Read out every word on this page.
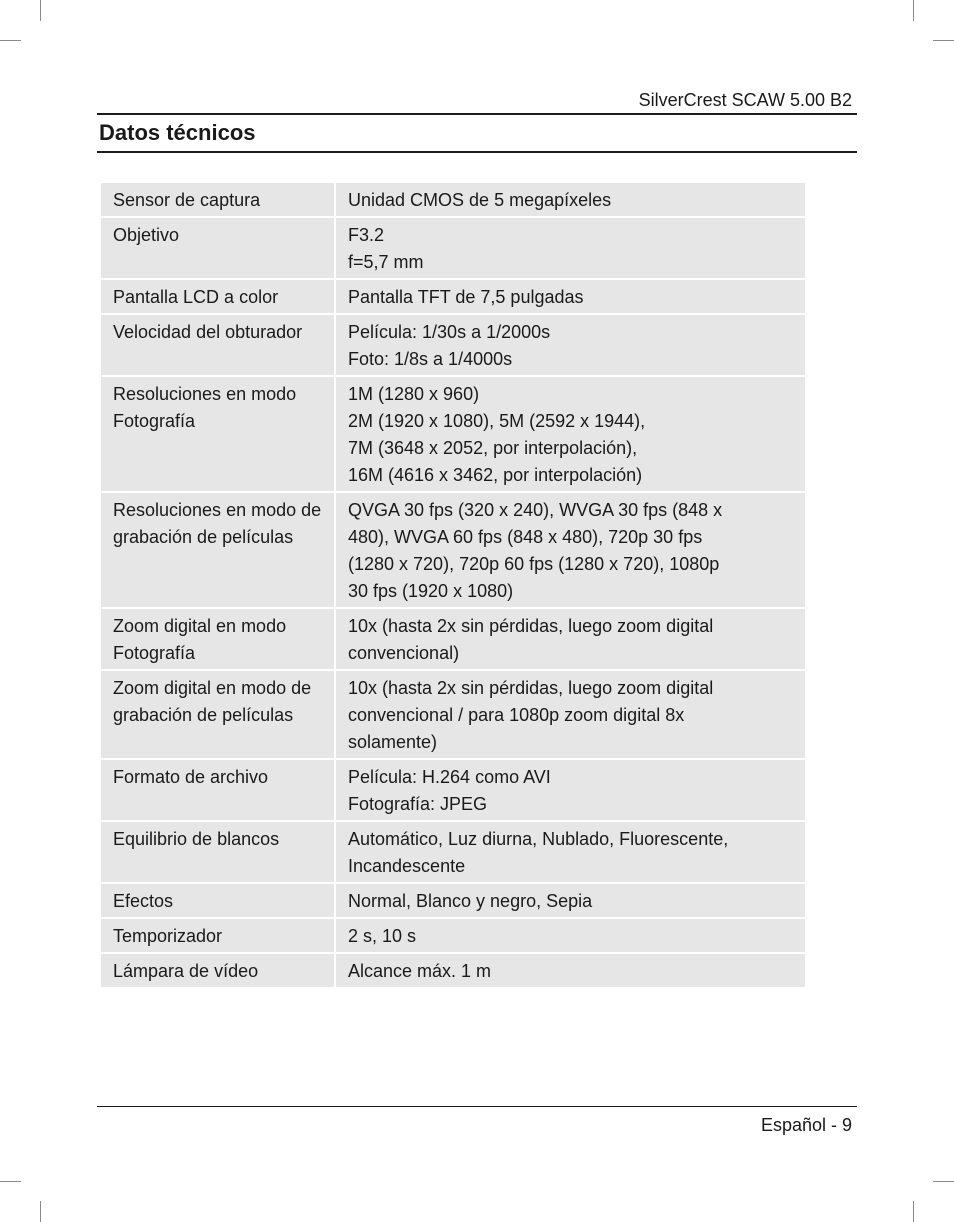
SilverCrest SCAW 5.00 B2
Datos técnicos
Sensor de captura	Unidad CMOS de 5 megapíxeles

Objetivo	F3.2
f=5,7 mm

Pantalla LCD a color	Pantalla TFT de 7,5 pulgadas

Velocidad del obturador	Película: 1/30s a 1/2000s
Foto: 1/8s a 1/4000s

Resoluciones en modo
Fotografía	1M (1280 x 960)
2M (1920 x 1080), 5M (2592 x 1944),
7M (3648 x 2052, por interpolación),
16M (4616 x 3462, por interpolación)

Resoluciones en modo de
grabación de películas	QVGA 30 fps (320 x 240), WVGA 30 fps (848 x
480), WVGA 60 fps (848 x 480), 720p 30 fps
(1280 x 720), 720p 60 fps (1280 x 720), 1080p
30 fps (1920 x 1080)

Zoom digital en modo
Fotografía	10x (hasta 2x sin pérdidas, luego zoom digital
convencional)

Zoom digital en modo de
grabación de películas	10x (hasta 2x sin pérdidas, luego zoom digital
convencional / para 1080p zoom digital 8x
solamente)

Formato de archivo	Película: H.264 como AVI
Fotografía: JPEG

Equilibrio de blancos	Automático, Luz diurna, Nublado, Fluorescente,
Incandescente

Efectos	Normal, Blanco y negro, Sepia

Temporizador	2 s, 10 s

Lámpara de vídeo	Alcance máx. 1 m
Español - 9
